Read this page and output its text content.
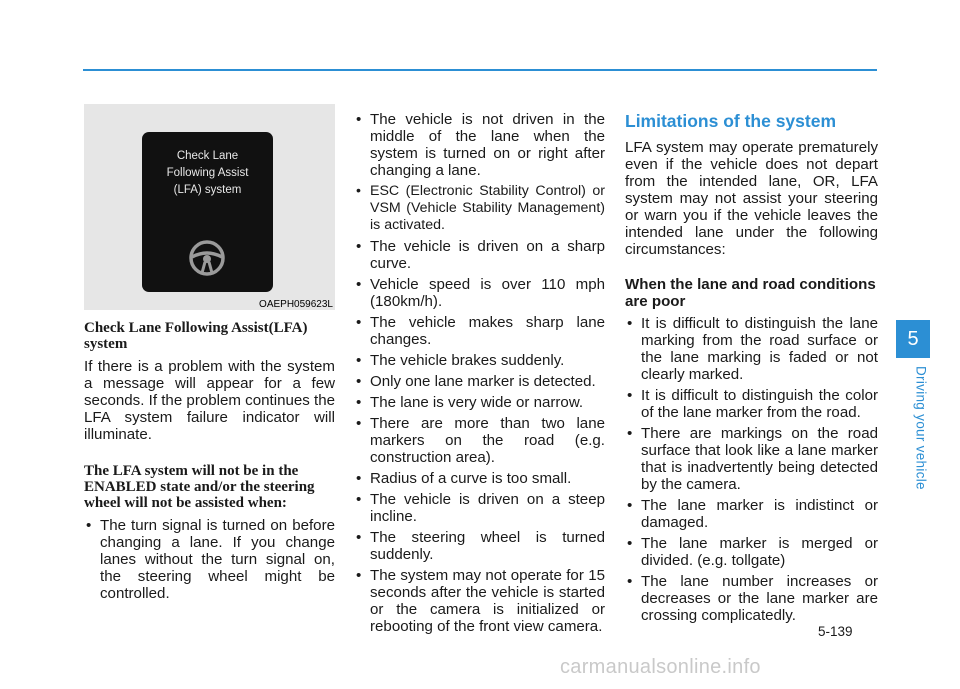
Check Lane
Following Assist
(LFA) system
OAEPH059623L
Check Lane Following Assist(LFA) system

If there is a problem with the system a message will appear for a few seconds. If the problem continues the LFA system failure indicator will illuminate.

The LFA system will not be in the ENABLED state and/or the steering wheel will not be assisted when:
• The turn signal is turned on before changing a lane. If you change lanes without the turn signal on, the steering wheel might be controlled.
• The vehicle is not driven in the middle of the lane when the system is turned on or right after changing a lane.
• ESC (Electronic Stability Control) or VSM (Vehicle Stability Management) is activated.
• The vehicle is driven on a sharp curve.
• Vehicle speed is over 110 mph (180km/h).
• The vehicle makes sharp lane changes.
• The vehicle brakes suddenly.
• Only one lane marker is detected.
• The lane is very wide or narrow.
• There are more than two lane markers on the road (e.g. construction area).
• Radius of a curve is too small.
• The vehicle is driven on a steep incline.
• The steering wheel is turned suddenly.
• The system may not operate for 15 seconds after the vehicle is started or the camera is initialized or rebooting of the front view camera.
Limitations of the system

LFA system may operate prematurely even if the vehicle does not depart from the intended lane, OR, LFA system may not assist your steering or warn you if the vehicle leaves the intended lane under the following circumstances:

When the lane and road conditions are poor
• It is difficult to distinguish the lane marking from the road surface or the lane marking is faded or not clearly marked.
• It is difficult to distinguish the color of the lane marker from the road.
• There are markings on the road surface that look like a lane marker that is inadvertently being detected by the camera.
• The lane marker is indistinct or damaged.
• The lane marker is merged or divided. (e.g. tollgate)
• The lane number increases or decreases or the lane marker are crossing complicatedly.
5
Driving your vehicle
5-139
carmanualsonline.info
